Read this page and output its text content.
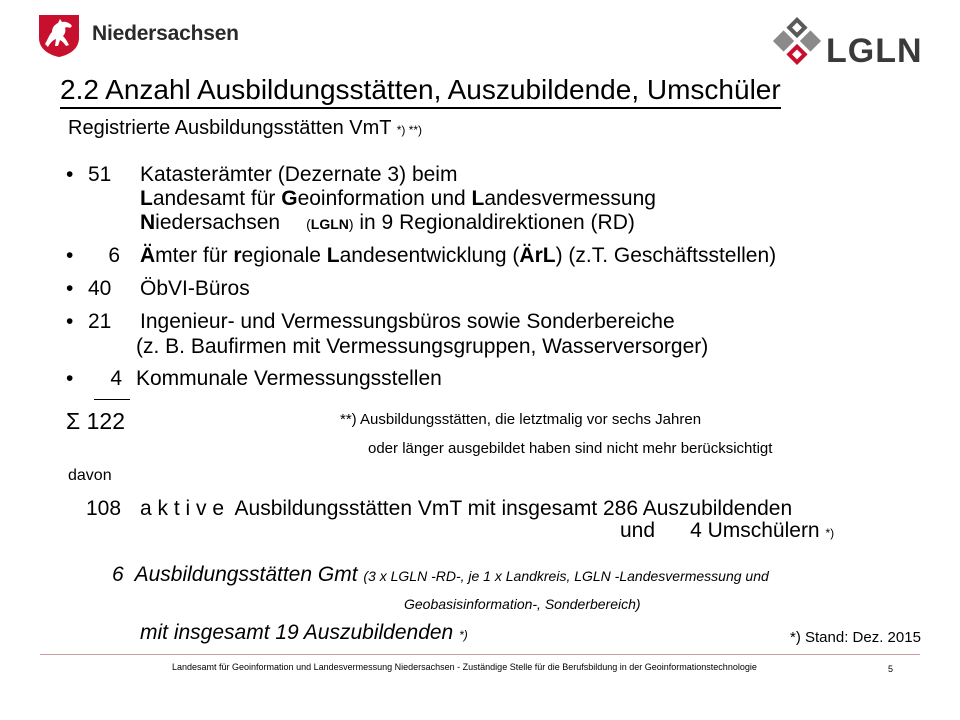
Niedersachsen	LGLN
2.2 Anzahl Ausbildungsstätten, Auszubildende, Umschüler
Registrierte Ausbildungsstätten VmT *) **)
• 51	Katasterämter (Dezernate 3) beim
Landesamt für Geoinformation und Landesvermessung
Niedersachsen (LGLN) in 9 Regionaldirektionen (RD)
•	6 Ämter für regionale Landesentwicklung (ÄrL) (z.T. Geschäftsstellen)
• 40	ÖbVI-Büros
• 21	Ingenieur- und Vermessungsbüros sowie Sonderbereiche
(z. B. Baufirmen mit Vermessungsgruppen, Wasserversorger)
•	4 Kommunale Vermessungsstellen
Σ 122	**) Ausbildungsstätten, die letztmalig vor sechs Jahren
oder länger ausgebildet haben sind nicht mehr berücksichtigt
davon
108 a k t i v e Ausbildungsstätten VmT mit insgesamt 286 Auszubildenden
und 4 Umschülern *)
6 Ausbildungsstätten Gmt (3 x LGLN -RD-, je 1 x Landkreis, LGLN -Landesvermessung und
Geobasisinformation-, Sonderbereich)
mit insgesamt 19 Auszubildenden *)	*) Stand: Dez. 2015
Landesamt für Geoinformation und Landesvermessung Niedersachsen - Zuständige Stelle für die Berufsbildung in der Geoinformationstechnologie	5
